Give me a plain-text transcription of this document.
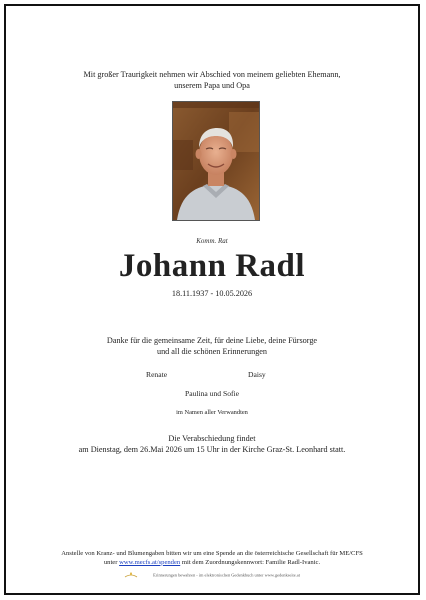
Mit großer Traurigkeit nehmen wir Abschied von meinem geliebten Ehemann,
unserem Papa und Opa
Komm. Rat
Johann Radl
18.11.1937 - 10.05.2026
Danke für die gemeinsame Zeit, für deine Liebe, deine Fürsorge
und all die schönen Erinnerungen
Renate	Daisy
Paulina und Sofie
im Namen aller Verwandten
Die Verabschiedung findet
am Dienstag, dem 26.Mai 2026 um 15 Uhr in der Kirche Graz-St. Leonhard statt.
Anstelle von Kranz- und Blumengaben bitten wir um eine Spende an die österreichische Gesellschaft für ME/CFS
unter www.mecfs.at/spenden mit dem Zuordnungskennwort: Familie Radl-Ivanic.
Erinnerungen bewahren - im elektronischen Gedenkbuch unter www.gedenkseite.at
